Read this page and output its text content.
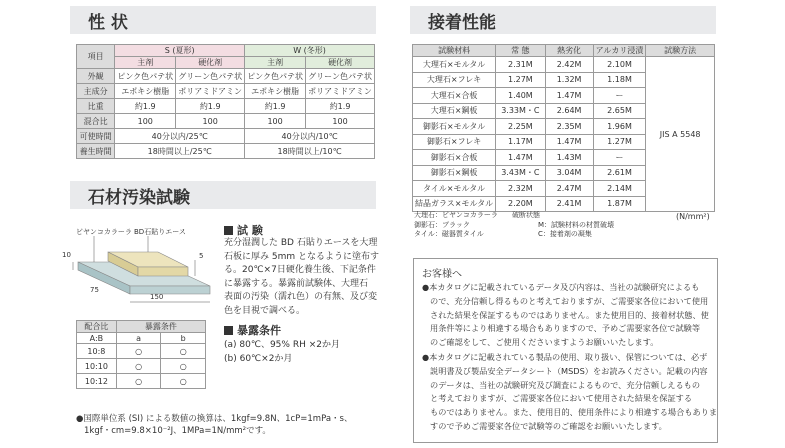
性 状
項目	S (夏形)		W (冬形)	
	主剤	硬化剤	主剤	硬化剤
外観	ピンク色パテ状	グリーン色パテ状	ピンク色パテ状	グリーン色パテ状
主成分	エポキシ樹脂	ポリアミドアミン	エポキシ樹脂	ポリアミドアミン
比重	約1.9	約1.9	約1.9	約1.9
混合比	100	100	100	100
可使時間	40分以内/25℃		40分以内/10℃	
養生時間	18時間以上/25℃		18時間以上/10℃	
石材汚染試験
ビヤンコカラーラ BD石貼りエース
10	5
75
150
試 験
充分湿潤した BD 石貼りエースを大理
石板に厚み 5mm となるように塗布す
る。20℃×7日硬化養生後、下記条件
に暴露する。暴露前試験体、大理石
表面の汚染（濡れ色）の有無、及び変
色を目視で調べる。
暴露条件
(a) 80℃、95% RH ×2か月
(b) 60℃×2か月
配合比	暴露条件	
A:B	a	b
10:8	○	○
10:10	○	○
10:12	○	○
●国際単位系 (SI) による数値の換算は、1kgf=9.8N、1cP=1mPa・s、
1kgf・cm=9.8×10⁻²J、1MPa=1N/mm²です。
接着性能
試験材料	常 態	熱劣化	アルカリ浸漬	試験方法
大理石×モルタル	2.31M	2.42M	2.10M	JIS A 5548
大理石×フレキ	1.27M	1.32M	1.18M	
大理石×合板	1.40M	1.47M	ー	
大理石×鋼板	3.33M・C	2.64M	2.65M	
御影石×モルタル	2.25M	2.35M	1.96M	
御影石×フレキ	1.17M	1.47M	1.27M	
御影石×合板	1.47M	1.43M	ー	
御影石×鋼板	3.43M・C	3.04M	2.61M	
タイル×モルタル	2.32M	2.47M	2.14M	
結晶ガラス×モルタル	2.20M	2.41M	1.87M	
(N/mm²)
大理石：ビヤンコカラーラ
御影石：ブラック
タイル：磁器質タイル
破断状態
M：試験材料の材質破壊
C：接着剤の凝集
お客様へ
●本カタログに記載されているデータ及び内容は、当社の試験研究によるも
ので、充分信頼し得るものと考えておりますが、ご需要家各位において使用
された結果を保証するものではありません。また使用目的、接着材状態、使
用条件等により相違する場合もありますので、予めご需要家各位で試験等
のご確認をして、ご使用くださいますようお願いいたします。
●本カタログに記載されている製品の使用、取り扱い、保管については、必ず
説明書及び製品安全データシート（MSDS）をお読みください。記載の内容
のデータは、当社の試験研究及び調査によるもので、充分信頼しえるもの
と考えておりますが、ご需要家各位において使用された結果を保証する
ものではありません。また、使用目的、使用条件により相違する場合もありま
すので予めご需要家各位で試験等のご確認をお願いいたします。
